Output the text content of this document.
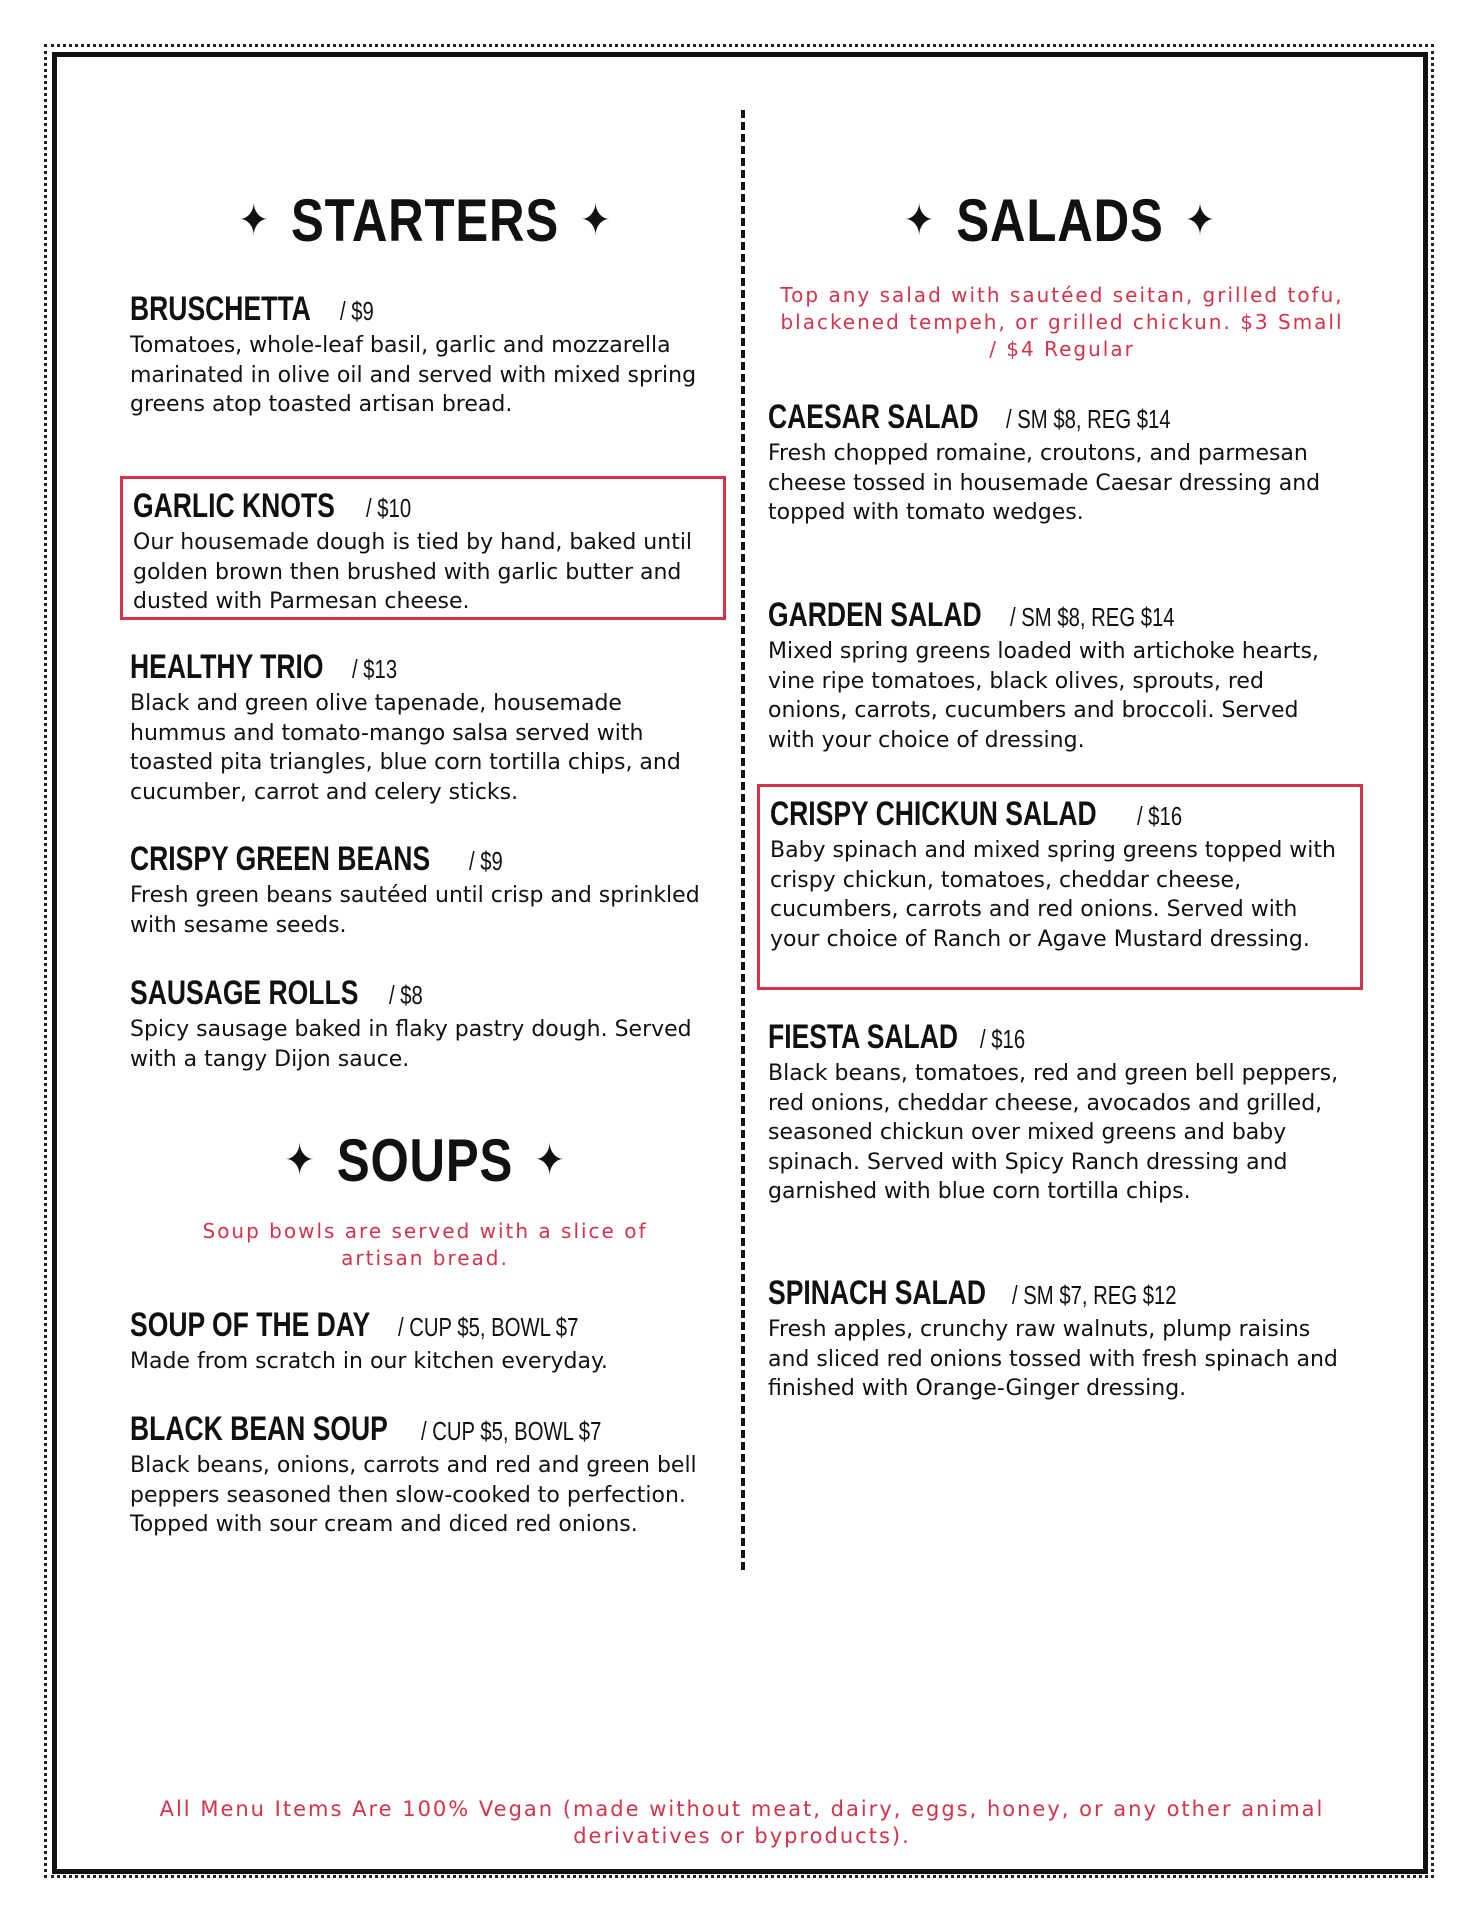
✦ STARTERS ✦
BRUSCHETTA / $9
Tomatoes, whole-leaf basil, garlic and mozzarella marinated in olive oil and served with mixed spring greens atop toasted artisan bread.
GARLIC KNOTS / $10
Our housemade dough is tied by hand, baked until golden brown then brushed with garlic butter and dusted with Parmesan cheese.
HEALTHY TRIO / $13
Black and green olive tapenade, housemade hummus and tomato-mango salsa served with toasted pita triangles, blue corn tortilla chips, and cucumber, carrot and celery sticks.
CRISPY GREEN BEANS / $9
Fresh green beans sautéed until crisp and sprinkled with sesame seeds.
SAUSAGE ROLLS / $8
Spicy sausage baked in flaky pastry dough. Served with a tangy Dijon sauce.
✦ SOUPS ✦
Soup bowls are served with a slice of artisan bread.
SOUP OF THE DAY / CUP $5, BOWL $7
Made from scratch in our kitchen everyday.
BLACK BEAN SOUP / CUP $5, BOWL $7
Black beans, onions, carrots and red and green bell peppers seasoned then slow-cooked to perfection. Topped with sour cream and diced red onions.
✦ SALADS ✦
Top any salad with sautéed seitan, grilled tofu, blackened tempeh, or grilled chickun. $3 Small / $4 Regular
CAESAR SALAD / SM $8, REG $14
Fresh chopped romaine, croutons, and parmesan cheese tossed in housemade Caesar dressing and topped with tomato wedges.
GARDEN SALAD / SM $8, REG $14
Mixed spring greens loaded with artichoke hearts, vine ripe tomatoes, black olives, sprouts, red onions, carrots, cucumbers and broccoli. Served with your choice of dressing.
CRISPY CHICKUN SALAD / $16
Baby spinach and mixed spring greens topped with crispy chickun, tomatoes, cheddar cheese, cucumbers, carrots and red onions. Served with your choice of Ranch or Agave Mustard dressing.
FIESTA SALAD / $16
Black beans, tomatoes, red and green bell peppers, red onions, cheddar cheese, avocados and grilled, seasoned chickun over mixed greens and baby spinach. Served with Spicy Ranch dressing and garnished with blue corn tortilla chips.
SPINACH SALAD / SM $7, REG $12
Fresh apples, crunchy raw walnuts, plump raisins and sliced red onions tossed with fresh spinach and finished with Orange-Ginger dressing.
All Menu Items Are 100% Vegan (made without meat, dairy, eggs, honey, or any other animal derivatives or byproducts).
